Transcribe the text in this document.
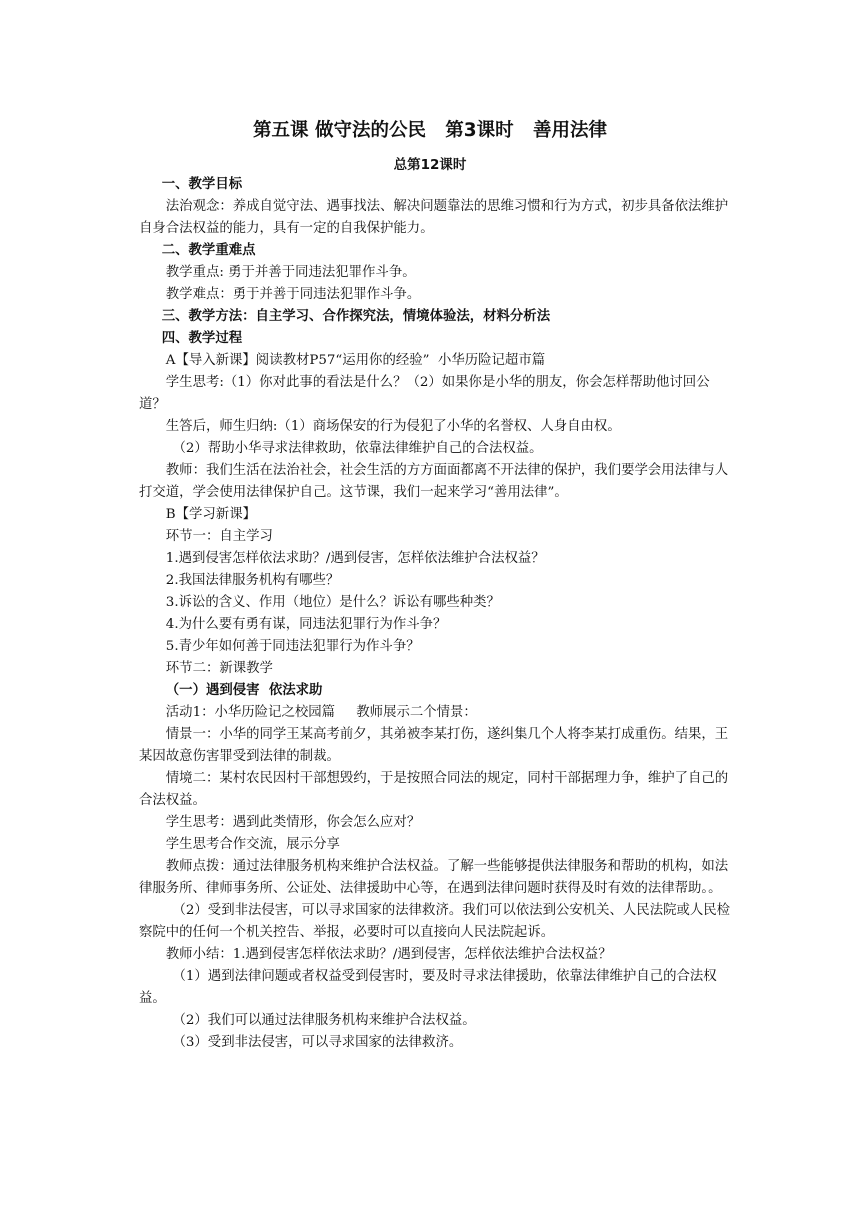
第五课 做守法的公民   第3课时   善用法律
总第12课时

一、教学目标

法治观念：养成自觉守法、遇事找法、解决问题靠法的思维习惯和行为方式，初步具备依法维护自身合法权益的能力，具有一定的自我保护能力。

二、教学重难点

教学重点: 勇于并善于同违法犯罪作斗争。

教学难点：勇于并善于同违法犯罪作斗争。

三、教学方法：自主学习、合作探究法，情境体验法，材料分析法

四、教学过程

A【导入新课】阅读教材P57“运用你的经验”  小华历险记超市篇

学生思考:（1）你对此事的看法是什么？（2）如果你是小华的朋友，你会怎样帮助他讨回公道？

生答后，师生归纳:（1）商场保安的行为侵犯了小华的名誉权、人身自由权。

（2）帮助小华寻求法律救助，依靠法律维护自己的合法权益。

教师：我们生活在法治社会，社会生活的方方面面都离不开法律的保护，我们要学会用法律与人打交道，学会使用法律保护自己。这节课，我们一起来学习“善用法律”。

B【学习新课】

环节一：自主学习

1.遇到侵害怎样依法求助？/遇到侵害，怎样依法维护合法权益？

2.我国法律服务机构有哪些？

3.诉讼的含义、作用（地位）是什么？诉讼有哪些种类？

4.为什么要有勇有谋，同违法犯罪行为作斗争？

5.青少年如何善于同违法犯罪行为作斗争？

环节二：新课教学

（一）遇到侵害  依法求助

活动1：小华历险记之校园篇     教师展示二个情景：

情景一：小华的同学王某高考前夕，其弟被李某打伤，遂纠集几个人将李某打成重伤。结果，王某因故意伤害罪受到法律的制裁。

情境二：某村农民因村干部想毁约，于是按照合同法的规定，同村干部据理力争，维护了自己的合法权益。

学生思考：遇到此类情形，你会怎么应对？

学生思考合作交流，展示分享

教师点拨：通过法律服务机构来维护合法权益。了解一些能够提供法律服务和帮助的机构，如法律服务所、律师事务所、公证处、法律援助中心等，在遇到法律问题时获得及时有效的法律帮助。。

（2）受到非法侵害，可以寻求国家的法律救济。我们可以依法到公安机关、人民法院或人民检察院中的任何一个机关控告、举报，必要时可以直接向人民法院起诉。

教师小结：1.遇到侵害怎样依法求助？/遇到侵害，怎样依法维护合法权益？

（1）遇到法律问题或者权益受到侵害时，要及时寻求法律援助，依靠法律维护自己的合法权益。

（2）我们可以通过法律服务机构来维护合法权益。

（3）受到非法侵害，可以寻求国家的法律救济。
